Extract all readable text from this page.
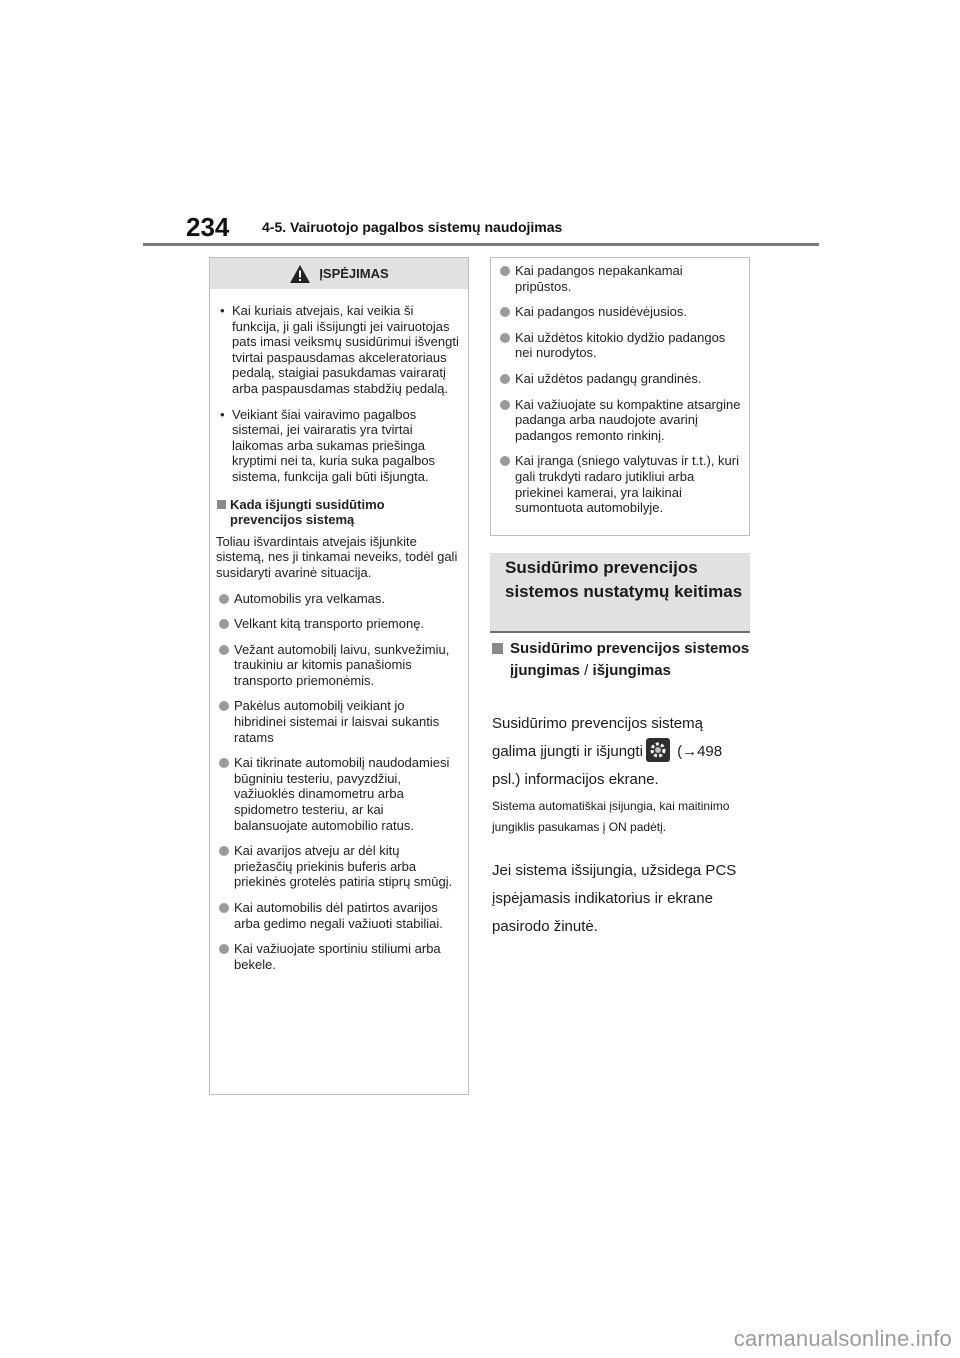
234 4-5. Vairuotojo pagalbos sistemų naudojimas
ĮSPĖJIMAS
• Kai kuriais atvejais, kai veikia ši funkcija, ji gali išsijungti jei vairuotojas pats imasi veiksmų susidūrimui išvengti tvirtai paspausdamas akceleratoriaus pedalą, staigiai pasukdamas vairaratį arba paspausdamas stabdžių pedalą.
• Veikiant šiai vairavimo pagalbos sistemai, jei vairaratis yra tvirtai laikomas arba sukamas priešinga kryptimi nei ta, kuria suka pagalbos sistema, funkcija gali būti išjungta.
Kada išjungti susidūtimo prevencijos sistemą
Toliau išvardintais atvejais išjunkite sistemą, nes ji tinkamai neveiks, todėl gali susidaryti avarinė situacija.
Automobilis yra velkamas.
Velkant kitą transporto priemonę.
Vežant automobilį laivu, sunkvežimiu, traukiniu ar kitomis panašiomis transporto priemonėmis.
Pakėlus automobilį veikiant jo hibridinei sistemai ir laisvai sukantis ratams
Kai tikrinate automobilį naudodamiesi būgniniu testeriu, pavyzdžiui, važiuoklės dinamometru arba spidometro testeriu, ar kai balansuojate automobilio ratus.
Kai avarijos atveju ar dėl kitų priežasčių priekinis buferis arba priekinės grotelės patiria stiprų smūgį.
Kai automobilis dėl patirtos avarijos arba gedimo negali važiuoti stabiliai.
Kai važiuojate sportiniu stiliumi arba bekele.
Kai padangos nepakankamai pripūstos.
Kai padangos nusidėvėjusios.
Kai uždėtos kitokio dydžio padangos nei nurodytos.
Kai uždėtos padangų grandinės.
Kai važiuojate su kompaktine atsargine padanga arba naudojote avarinį padangos remonto rinkinį.
Kai įranga (sniego valytuvas ir t.t.), kuri gali trukdyti radaro jutikliui arba priekinei kamerai, yra laikinai sumontuota automobilyje.
Susidūrimo prevencijos sistemos nustatymų keitimas
Susidūrimo prevencijos sistemos įjungimas / išjungimas
Susidūrimo prevencijos sistemą galima įjungti ir išjungti
(→498 psl.) informacijos ekrane.
Sistema automatiškai įsijungia, kai maitinimo jungiklis pasukamas į ON padėtį.
Jei sistema išsijungia, užsidega PCS įspėjamasis indikatorius ir ekrane pasirodo žinutė.
carmanualsonline.info
